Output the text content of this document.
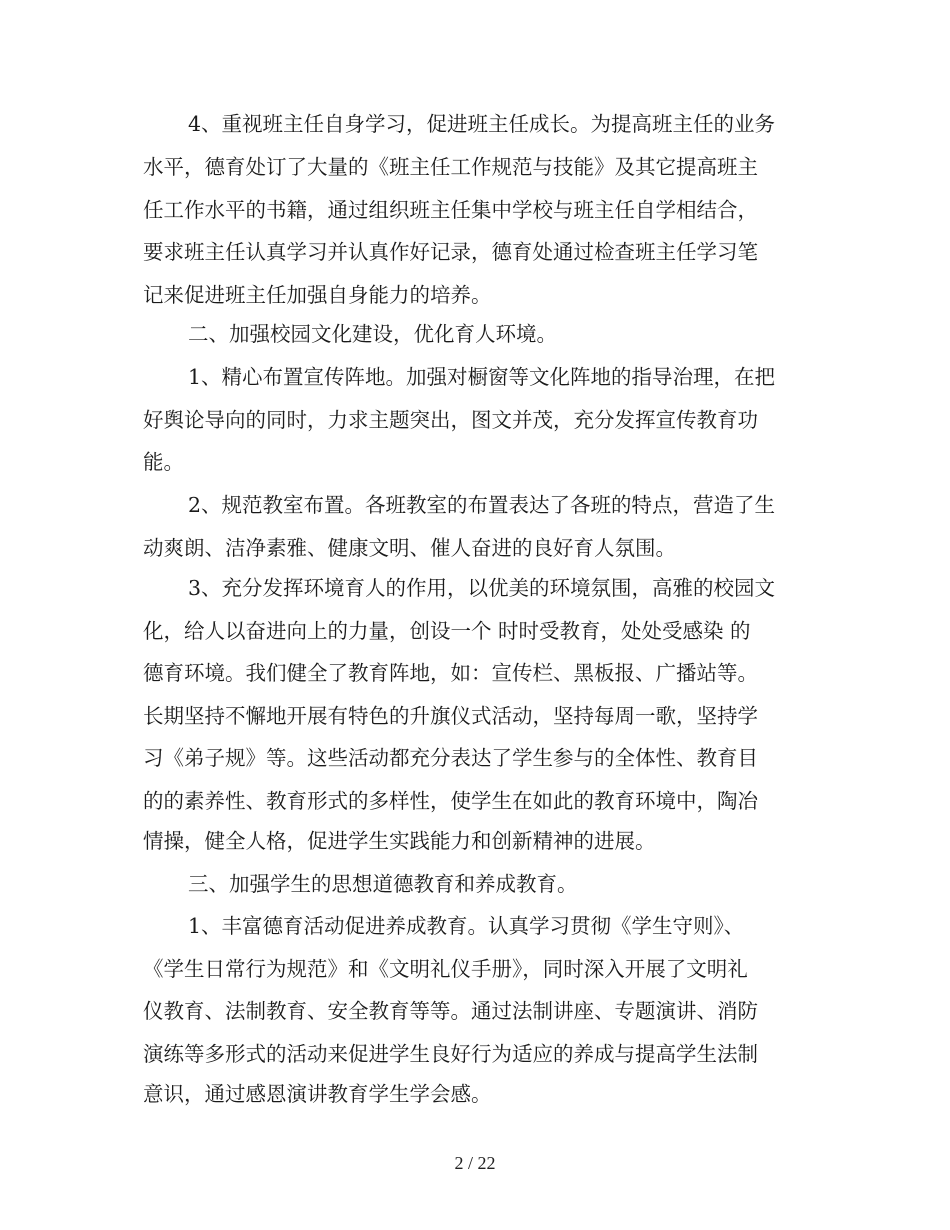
4、重视班主任自身学习，促进班主任成长。为提高班主任的业务
水平，德育处订了大量的《班主任工作规范与技能》及其它提高班主
任工作水平的书籍，通过组织班主任集中学校与班主任自学相结合，
要求班主任认真学习并认真作好记录，德育处通过检查班主任学习笔
记来促进班主任加强自身能力的培养。
二、加强校园文化建设，优化育人环境。
1、精心布置宣传阵地。加强对橱窗等文化阵地的指导治理，在把
好舆论导向的同时，力求主题突出，图文并茂，充分发挥宣传教育功
能。
2、规范教室布置。各班教室的布置表达了各班的特点，营造了生
动爽朗、洁净素雅、健康文明、催人奋进的良好育人氛围。
3、充分发挥环境育人的作用，以优美的环境氛围，高雅的校园文
化，给人以奋进向上的力量，创设一个 时时受教育，处处受感染 的
德育环境。我们健全了教育阵地，如：宣传栏、黑板报、广播站等。
长期坚持不懈地开展有特色的升旗仪式活动，坚持每周一歌，坚持学
习《弟子规》等。这些活动都充分表达了学生参与的全体性、教育目
的的素养性、教育形式的多样性，使学生在如此的教育环境中，陶冶
情操，健全人格，促进学生实践能力和创新精神的进展。
三、加强学生的思想道德教育和养成教育。
1、丰富德育活动促进养成教育。认真学习贯彻《学生守则》、
《学生日常行为规范》和《文明礼仪手册》，同时深入开展了文明礼
仪教育、法制教育、安全教育等等。通过法制讲座、专题演讲、消防
演练等多形式的活动来促进学生良好行为适应的养成与提高学生法制
意识，通过感恩演讲教育学生学会感。
2 / 22
